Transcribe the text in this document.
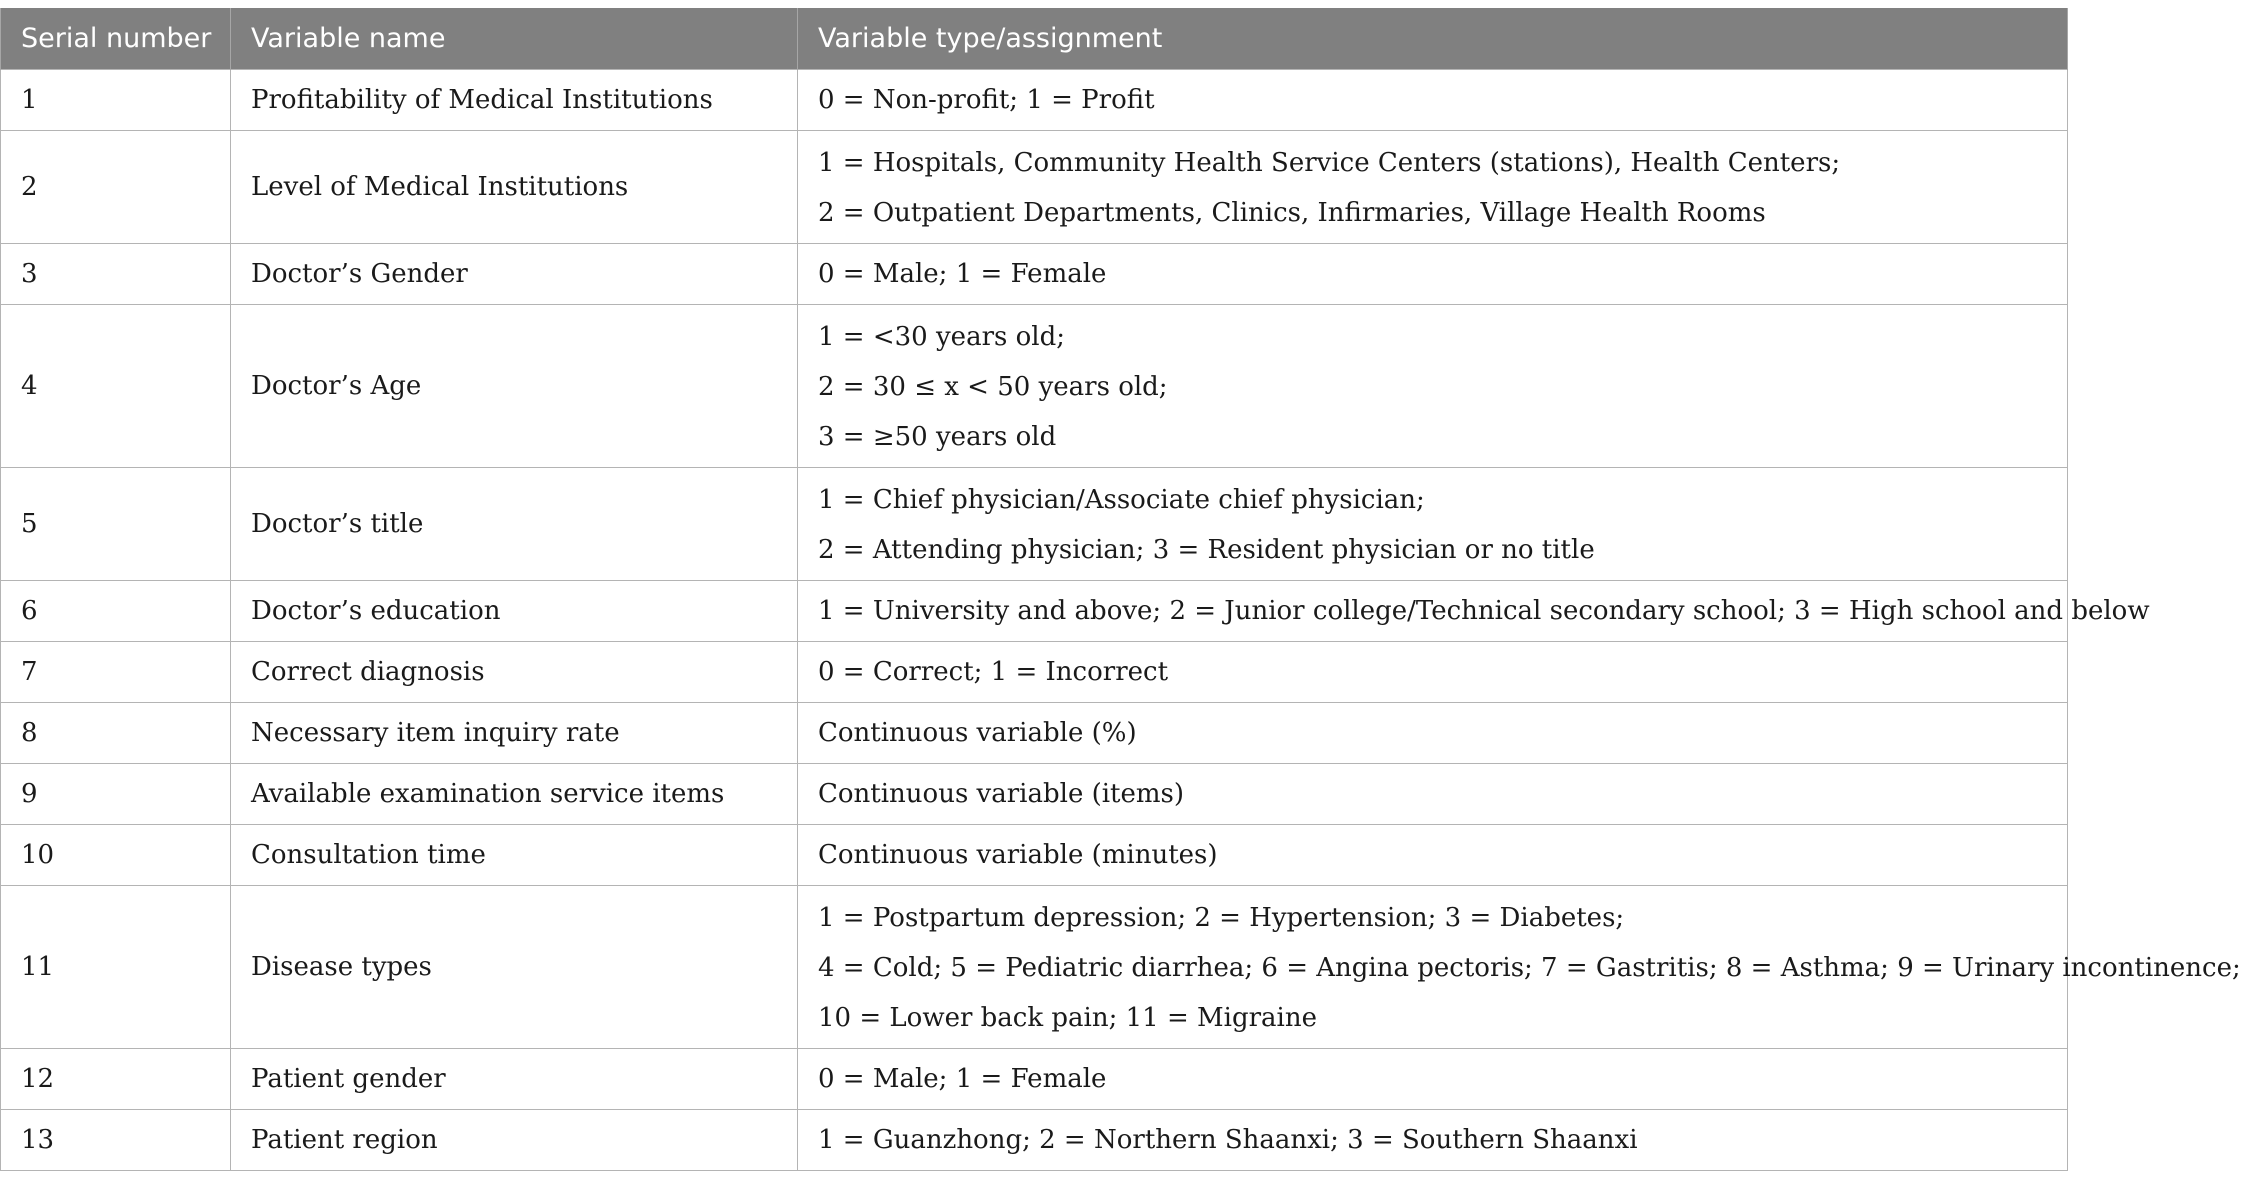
Serial number	Variable name	Variable type/assignment
1	Profitability of Medical Institutions	0 = Non-profit; 1 = Profit

2	Level of Medical Institutions	1 = Hospitals, Community Health Service Centers (stations), Health Centers;
2 = Outpatient Departments, Clinics, Infirmaries, Village Health Rooms

3	Doctor’s Gender	0 = Male; 1 = Female

4	Doctor’s Age	1 = <30 years old;
2 = 30 ≤ x < 50 years old;
3 = ≥50 years old

5	Doctor’s title	1 = Chief physician/Associate chief physician;
2 = Attending physician; 3 = Resident physician or no title

6	Doctor’s education	1 = University and above; 2 = Junior college/Technical secondary school; 3 = High school and below

7	Correct diagnosis	0 = Correct; 1 = Incorrect

8	Necessary item inquiry rate	Continuous variable (%)

9	Available examination service items	Continuous variable (items)

10	Consultation time	Continuous variable (minutes)

11	Disease types	1 = Postpartum depression; 2 = Hypertension; 3 = Diabetes;
4 = Cold; 5 = Pediatric diarrhea; 6 = Angina pectoris; 7 = Gastritis; 8 = Asthma; 9 = Urinary incontinence;
10 = Lower back pain; 11 = Migraine

12	Patient gender	0 = Male; 1 = Female

13	Patient region	1 = Guanzhong; 2 = Northern Shaanxi; 3 = Southern Shaanxi
